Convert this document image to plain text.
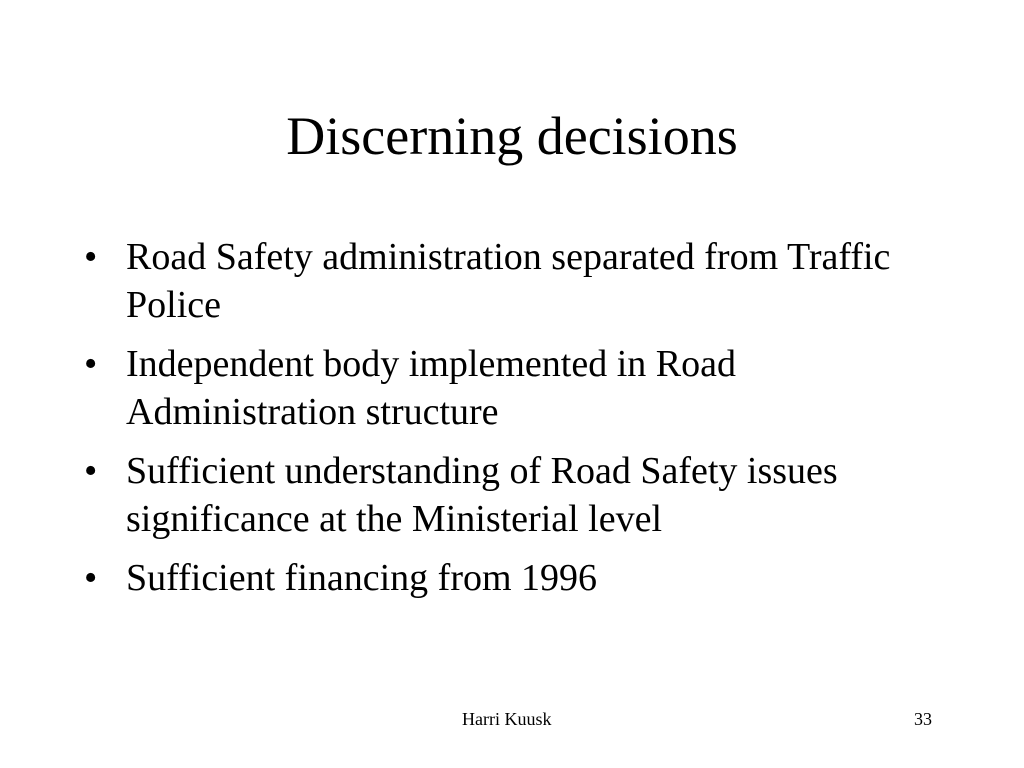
Discerning decisions
• Road Safety administration separated from Traffic Police
• Independent body implemented in Road Administration structure
• Sufficient understanding of Road Safety issues significance at the Ministerial level
• Sufficient financing from 1996
Harri Kuusk	33
